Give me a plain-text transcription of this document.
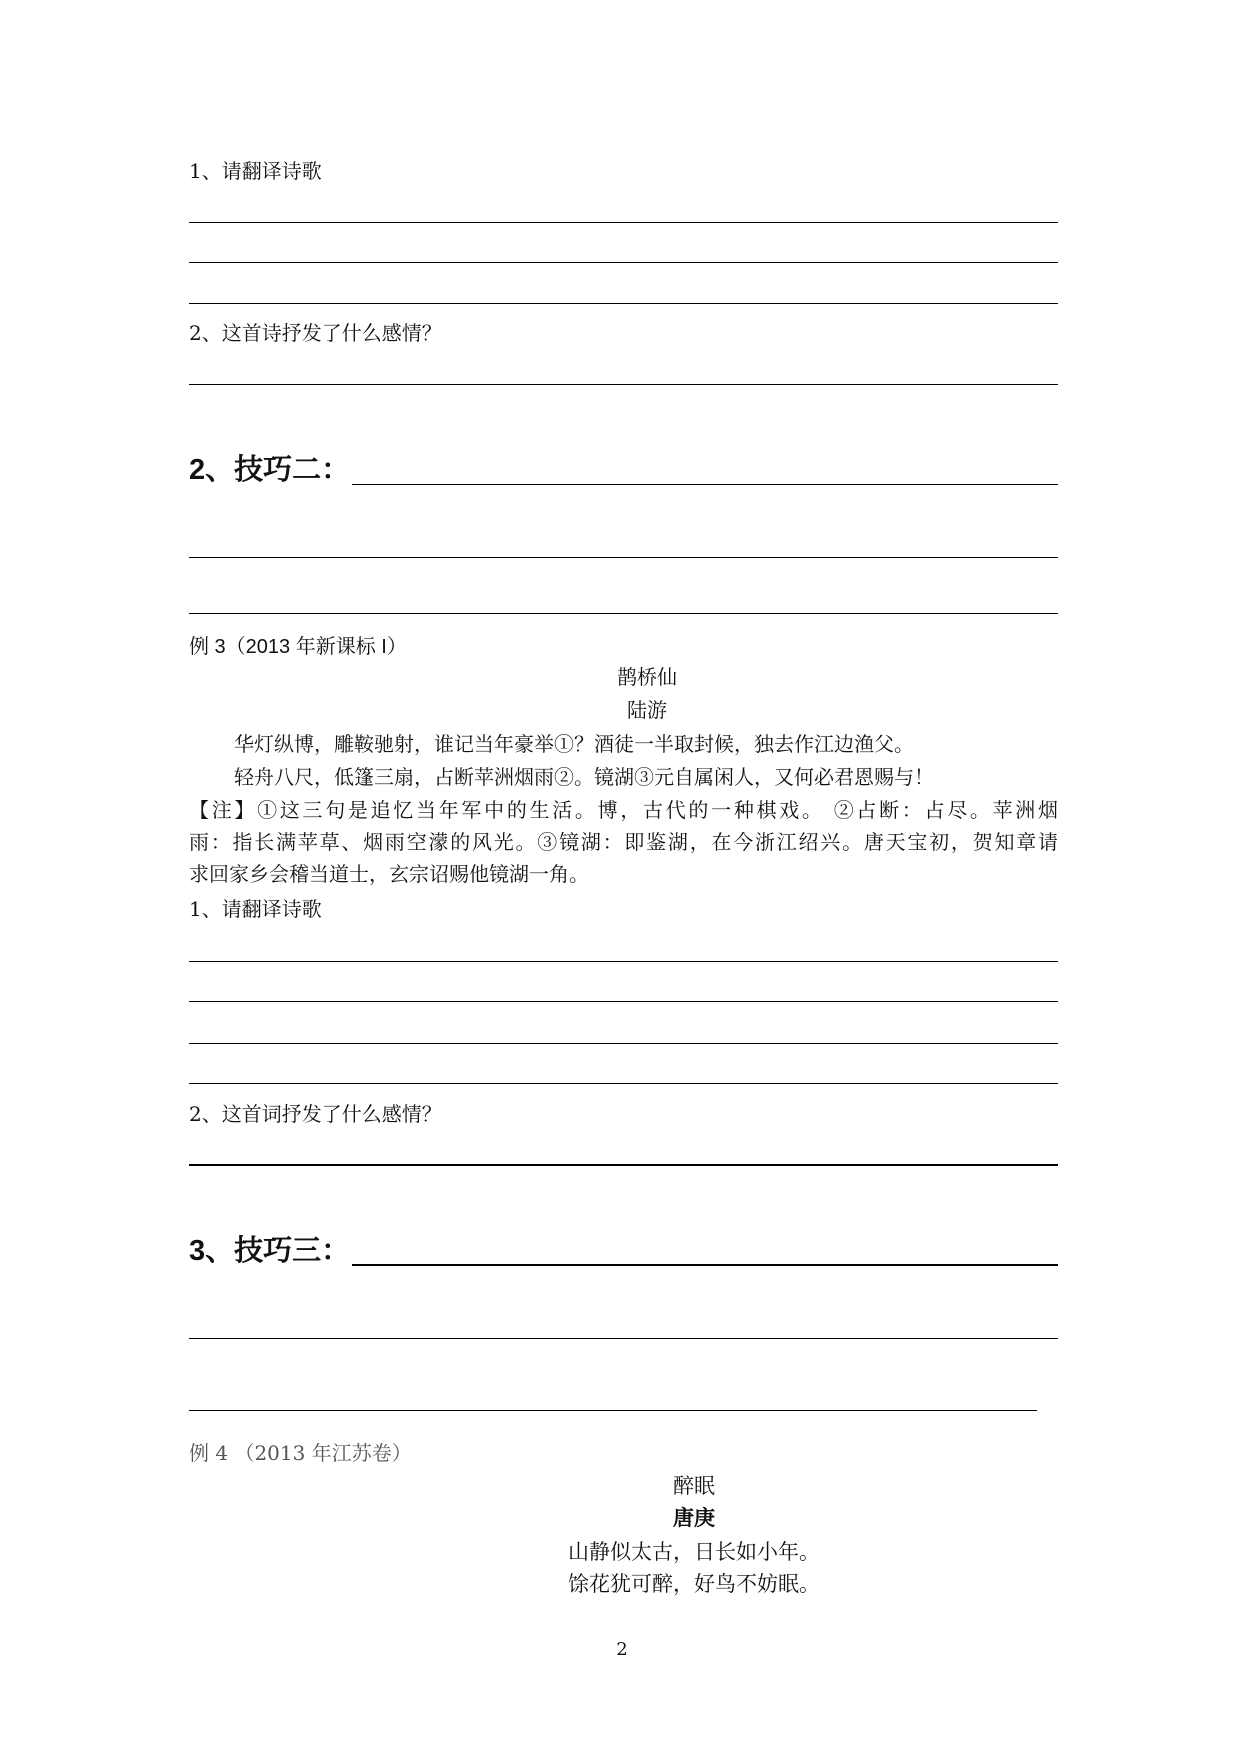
1、请翻译诗歌
2、这首诗抒发了什么感情？
2、技巧二：
例 3（2013 年新课标 I）
鹊桥仙
陆游
华灯纵博，雕鞍驰射，谁记当年豪举①？酒徒一半取封候，独去作江边渔父。
轻舟八尺，低篷三扇，占断苹洲烟雨②。镜湖③元自属闲人，又何必君恩赐与！
【注】①这三句是追忆当年军中的生活。博，古代的一种棋戏。 ②占断：占尽。苹洲烟
雨：指长满苹草、烟雨空濛的风光。③镜湖：即鉴湖，在今浙江绍兴。唐天宝初，贺知章请
求回家乡会稽当道士，玄宗诏赐他镜湖一角。
1、请翻译诗歌
2、这首词抒发了什么感情？
3、技巧三：
例 4 （2013 年江苏卷）
醉眠
唐庚
山静似太古，日长如小年。
馀花犹可醉，好鸟不妨眠。
2
